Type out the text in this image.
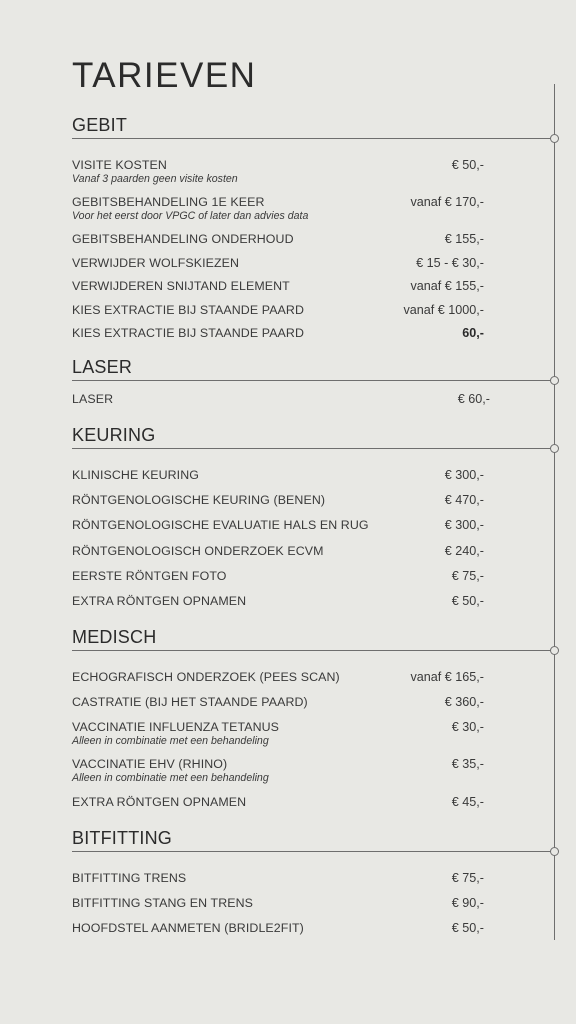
TARIEVEN
GEBIT
VISITE KOSTEN	€ 50,-
Vanaf 3 paarden geen visite kosten
GEBITSBEHANDELING 1E KEER	vanaf € 170,-
Voor het eerst door VPGC of later dan advies data
GEBITSBEHANDELING ONDERHOUD	€ 155,-
VERWIJDER WOLFSKIEZEN	€ 15 - € 30,-
VERWIJDEREN SNIJTAND ELEMENT	vanaf € 155,-
KIES EXTRACTIE BIJ STAANDE PAARD	vanaf € 1000,-
KIES EXTRACTIE BIJ STAANDE PAARD	60,-
LASER
LASER	€ 60,-
KEURING
KLINISCHE KEURING	€ 300,-
RÖNTGENOLOGISCHE KEURING (BENEN)	€ 470,-
RÖNTGENOLOGISCHE EVALUATIE HALS EN RUG	€ 300,-
RÖNTGENOLOGISCH ONDERZOEK ECVM	€ 240,-
EERSTE RÖNTGEN FOTO	€ 75,-
EXTRA RÖNTGEN OPNAMEN	€ 50,-
MEDISCH
ECHOGRAFISCH ONDERZOEK (PEES SCAN)	vanaf € 165,-
CASTRATIE (BIJ HET STAANDE PAARD)	€ 360,-
VACCINATIE INFLUENZA TETANUS	€ 30,-
Alleen in combinatie met een behandeling
VACCINATIE EHV (RHINO)	€ 35,-
Alleen in combinatie met een behandeling
EXTRA RÖNTGEN OPNAMEN	€ 45,-
BITFITTING
BITFITTING TRENS	€ 75,-
BITFITTING STANG EN TRENS	€ 90,-
HOOFDSTEL AANMETEN (BRIDLE2FIT)	€ 50,-
